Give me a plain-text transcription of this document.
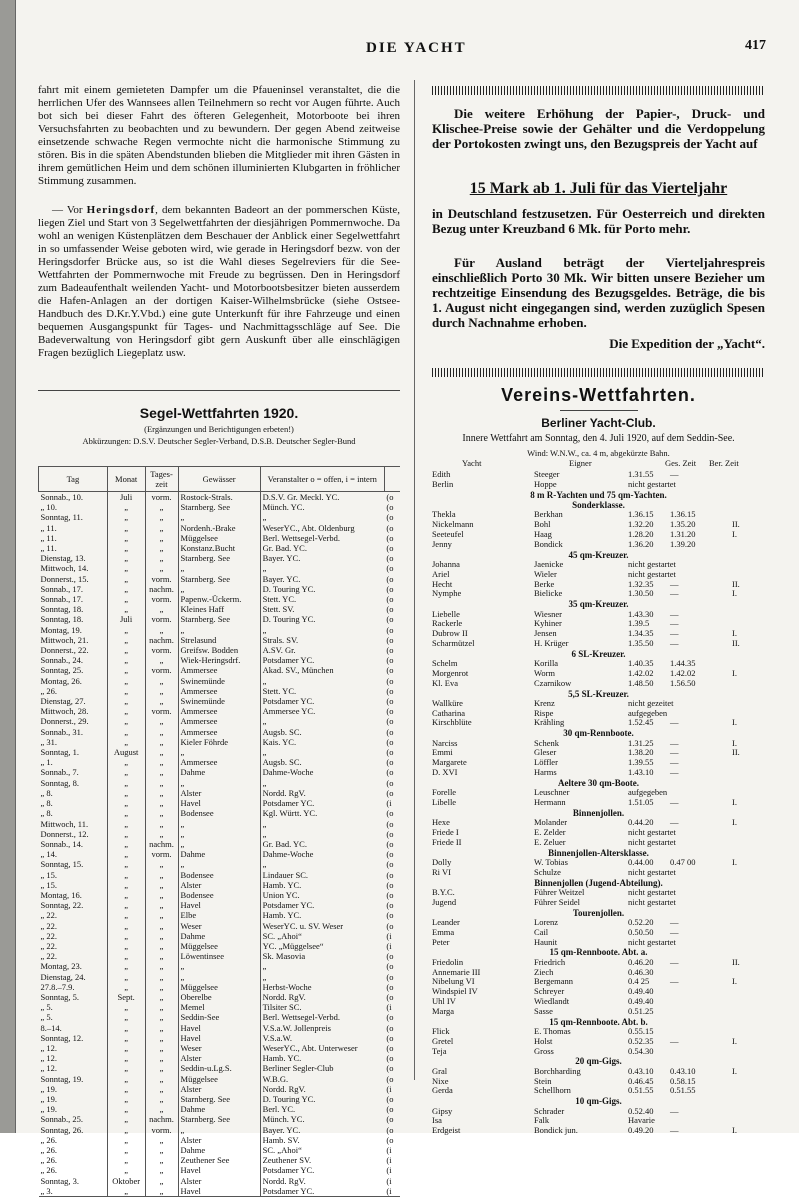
DIE YACHT	417
fahrt mit einem gemieteten Dampfer um die Pfaueninsel veranstaltet, die die herrlichen Ufer des Wannsees allen Teilnehmern so recht vor Augen führte. Auch bot sich bei dieser Fahrt des öfteren Gelegenheit, Motorboote bei ihren Versuchsfahrten zu beobachten und zu bewundern. Der gegen Abend zeitweise einsetzende schwache Regen vermochte nicht die harmonische Stimmung zu stören. Bis in die späten Abendstunden blieben die Mitglieder mit ihren Gästen in ihrem gemütlichen Heim und dem schönen illuminierten Klubgarten in fröhlicher Stimmung zusammen.
— Vor Heringsdorf, dem bekannten Badeort an der pommerschen Küste, liegen Ziel und Start von 3 Segelwettfahrten der diesjährigen Pommernwoche. Da wohl an wenigen Küstenplätzen dem Beschauer der Anblick einer Segelwettfahrt in so umfassender Weise geboten wird, wie gerade in Heringsdorf bezw. von der Heringsdorfer Brücke aus, so ist die Wahl dieses Segelreviers für die See-Wettfahrten der Pommernwoche mit Freude zu begrüssen. Den in Heringsdorf zum Badeaufenthalt weilenden Yacht- und Motorbootsbesitzer bieten ausserdem die Hafen-Anlagen an der dortigen Kaiser-Wilhelmsbrücke (siehe Ostsee-Handbuch des D.Kr.Y.Vbd.) eine gute Unterkunft für ihre Fahrzeuge und einen bequemen Ausgangspunkt für Tages- und Nachmittagsschläge auf See. Die Badeverwaltung von Heringsdorf gibt gern Auskunft über alle einschlägigen Fragen bezüglich Liegeplatz usw.
Segel-Wettfahrten 1920.
(Ergänzungen und Berichtigungen erbeten!)
Abkürzungen: D.S.V. Deutscher Segler-Verband, D.S.B. Deutscher Segler-Bund
Tag	Monat	Tages-zeit	Gewässer	Veranstalter o = offen, i = intern	
Sonnab., 10.	Juli	vorm.	Rostock-Strals.	D.S.V. Gr. Meckl. YC.	(o
„ 10.	„	„	Starnberg. See	Münch. YC.	(o
Sonntag, 11.	„	„	„	„	(o
„ 11.	„	„	Nordenh.-Brake	WeserYC., Abt. Oldenburg	(o
„ 11.	„	„	Müggelsee	Berl. Wettsegel-Verbd.	(o
„ 11.	„	„	Konstanz.Bucht	Gr. Bad. YC.	(o
Dienstag, 13.	„	„	Starnberg. See	Bayer. YC.	(o
Mittwoch, 14.	„	„	„	„	(o
Donnerst., 15.	„	vorm.	Starnberg. See	Bayer. YC.	(o
Sonnab., 17.	„	nachm.	„	D. Touring YC.	(o
Sonnab., 17.	„	vorm.	Papenw.-Ückerm.	Stett. YC.	(o
Sonntag, 18.	„	„	Kleines Haff	Stett. SV.	(o
Sonntag, 18.	Juli	vorm.	Starnberg. See	D. Touring YC.	(o
Montag, 19.	„	„	„	„	(o
Mittwoch, 21.	„	nachm.	Strelasund	Strals. SV.	(o
Donnerst., 22.	„	vorm.	Greifsw. Bodden	A.SV. Gr.	(o
Sonnab., 24.	„	„	Wiek-Heringsdrf.	Potsdamer YC.	(o
Sonntag, 25.	„	vorm.	Ammersee	Akad. SV., München	(o
Montag, 26.	„	„	Swinemünde	„	(o
„ 26.	„	„	Ammersee	Stett. YC.	(o
Dienstag, 27.	„	„	Swinemünde	Potsdamer YC.	(o
Mittwoch, 28.	„	vorm.	Ammersee	Ammersee YC.	(o
Donnerst., 29.	„	„	Ammersee	„	(o
Sonnab., 31.	„	„	Ammersee	Augsb. SC.	(o
„ 31.	„	„	Kieler Föhrde	Kais. YC.	(o
Sonntag, 1.	August	„	„	„	(o
„ 1.	„	„	Ammersee	Augsb. SC.	(o
Sonnab., 7.	„	„	Dahme	Dahme-Woche	(o
Sonntag, 8.	„	„	„	„	(o
„ 8.	„	„	Alster	Nordd. RgV.	(o
„ 8.	„	„	Havel	Potsdamer YC.	(i
„ 8.	„	„	Bodensee	Kgl. Württ. YC.	(o
Mittwoch, 11.	„	„	„	„	(o
Donnerst., 12.	„	„	„	„	(o
Sonnab., 14.	„	nachm.	„	Gr. Bad. YC.	(o
„ 14.	„	vorm.	Dahme	Dahme-Woche	(o
Sonntag, 15.	„	„	„	„	(o
„ 15.	„	„	Bodensee	Lindauer SC.	(o
„ 15.	„	„	Alster	Hamb. YC.	(o
Montag, 16.	„	„	Bodensee	Union YC.	(o
Sonntag, 22.	„	„	Havel	Potsdamer YC.	(o
„ 22.	„	„	Elbe	Hamb. YC.	(o
„ 22.	„	„	Weser	WeserYC. u. SV. Weser	(o
„ 22.	„	„	Dahme	SC. „Ahoi“	(i
„ 22.	„	„	Müggelsee	YC. „Müggelsee“	(i
„ 22.	„	„	Löwentinsee	Sk. Masovia	(o
Montag, 23.	„	„	„	„	(o
Dienstag, 24.	„	„	„	„	(o
27.8.–7.9.	„	„	Müggelsee	Herbst-Woche	(o
Sonntag, 5.	Sept.	„	Oberelbe	Nordd. RgV.	(o
„ 5.	„	„	Memel	Tilsiter SC.	(i
„ 5.	„	„	Seddin-See	Berl. Wettsegel-Verbd.	(o
8.–14.	„	„	Havel	V.S.a.W. Jollenpreis	(o
Sonntag, 12.	„	„	Havel	V.S.a.W.	(o
„ 12.	„	„	Weser	WeserYC., Abt. Unterweser	(o
„ 12.	„	„	Alster	Hamb. YC.	(o
„ 12.	„	„	Seddin-u.Lg.S.	Berliner Segler-Club	(o
Sonntag, 19.	„	„	Müggelsee	W.B.G.	(o
„ 19.	„	„	Alster	Nordd. RgV.	(i
„ 19.	„	„	Starnberg. See	D. Touring YC.	(o
„ 19.	„	„	Dahme	Berl. YC.	(o
Sonnab., 25.	„	nachm.	Starnberg. See	Münch. YC.	(o
Sonntag, 26.	„	vorm.	„	Bayer. YC.	(o
„ 26.	„	„	Alster	Hamb. SV.	(o
„ 26.	„	„	Dahme	SC. „Ahoi“	(i
„ 26.	„	„	Zeuthener See	Zeuthener SV.	(i
„ 26.	„	„	Havel	Potsdamer YC.	(i
Sonntag, 3.	Oktober	„	Alster	Nordd. RgV.	(i
„ 3.	„	„	Havel	Potsdamer YC.	(i
Die weitere Erhöhung der Papier-, Druck- und Klischee-Preise sowie der Gehälter und die Verdoppelung der Portokosten zwingt uns, den Bezugspreis der Yacht auf
15 Mark ab 1. Juli für das Vierteljahr
in Deutschland festzusetzen. Für Oesterreich und direkten Bezug unter Kreuzband 6 Mk. für Porto mehr.
Für Ausland beträgt der Vierteljahrespreis einschließlich Porto 30 Mk. Wir bitten unsere Bezieher um rechtzeitige Einsendung des Bezugsgeldes. Beträge, die bis 1. August nicht eingegangen sind, werden zuzüglich Spesen durch Nachnahme erhoben.
Die Expedition der „Yacht“.
Vereins-Wettfahrten.
Berliner Yacht-Club.
Innere Wettfahrt am Sonntag, den 4. Juli 1920, auf dem Seddin-See.
Wind: W.N.W., ca. 4 m, abgekürzte Bahn.
Yacht	Eigner	Ges. Zeit Ber. Zeit
Edith	Steeger	1.31.55 —
Berlin	Hoppe	nicht gestartet
8 m R-Yachten und 75 qm-Yachten.
Sonderklasse.
Thekla	Berkhan	1.36.15 1.36.15
Nickelmann	Bohl	1.32.20 1.35.20	II.
Seeteufel	Haag	1.28.20 1.31.20	I.
Jenny	Bondick	1.36.20 1.39.20
45 qm-Kreuzer.
Johanna	Jaenicke	nicht gestartet
Ariel	Wieler	nicht gestartet
Hecht	Berke	1.32.35 —	II.
Nymphe	Bielicke	1.30.50 —	I.
35 qm-Kreuzer.
Liebelle	Wiesner	1.43.30 —
Rackerle	Kyhiner	1.39.5 —
Dubrow II	Jensen	1.34.35 —	I.
Scharmützel	H. Krüger	1.35.50 —	II.
6 SL-Kreuzer.
Schelm	Korilla	1.40.35 1.44.35
Morgenrot	Worm	1.42.02 1.42.02	I.
Kl. Eva	Czarnikow	1.48.50 1.56.50
5,5 SL-Kreuzer.
Wallküre	Krenz	nicht gezeitet
Catharina	Rispe	aufgegeben
Kirschblüte	Krähling	1.52.45 —	I.
30 qm-Rennboote.
Narciss	Schenk	1.31.25 —	I.
Emmi	Gleser	1.38.20 —	II.
Margarete	Löffler	1.39.55 —
D. XVI	Harms	1.43.10 —
Aeltere 30 qm-Boote.
Forelle	Leuschner	aufgegeben
Libelle	Hermann	1.51.05 —	I.
Binnenjollen.
Hexe	Molander	0.44.20 —	I.
Friede I	E. Zelder	nicht gestartet
Friede II	E. Zeluer	nicht gestartet
Binnenjollen-Altersklasse.
Dolly	W. Tobias	0.44.00 0.47 00	I.
Ri VI	Schulze	nicht gestartet
Binnenjollen (Jugend-Abteilung).
B.Y.C.	Führer Weitzel	nicht gestartet
Jugend	Führer Seidel	nicht gestartet
Tourenjollen.
Leander	Lorenz	0.52.20 —
Emma	Cail	0.50.50 —
Peter	Haunit	nicht gestartet
15 qm-Rennboote. Abt. a.
Friedolin	Friedrich	0.46.20 —	II.
Annemarie III	Ziech	0.46.30
Nibelung VI	Bergemann	0.4 25 —	I.
Windspiel IV	Schreyer	0.49.40
Uhl IV	Wiedlandt	0.49.40
Marga	Sasse	0.51.25
15 qm-Rennboote. Abt. b.
Flick	E. Thomas	0.55.15
Gretel	Holst	0.52.35 —	I.
Teja	Gross	0.54.30
20 qm-Gigs.
Gral	Borchharding	0.43.10 0.43.10	I.
Nixe	Stein	0.46.45 0.58.15
Gerda	Schellhorn	0.51.55 0.51.55
10 qm-Gigs.
Gipsy	Schrader	0.52.40 —
Isa	Falk	Havarie
Erdgeist	Bondick jun.	0.49.20 —	I.
